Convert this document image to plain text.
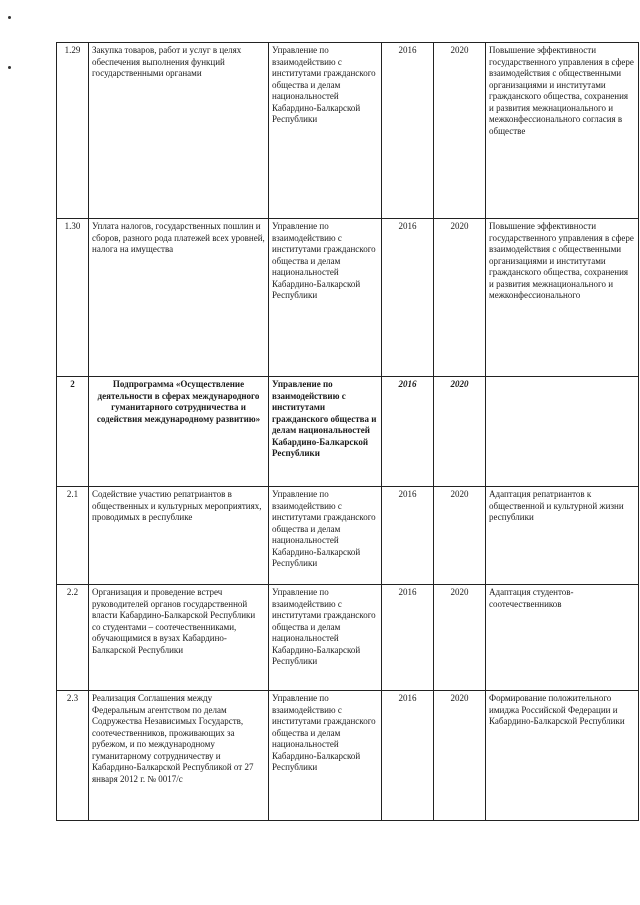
1.29	Закупка товаров, работ и услуг в целях обеспечения выполнения функций государственными органами	Управление по взаимодействию с институтами гражданского общества и делам национальностей Кабардино-Балкарской Республики	2016	2020	Повышение эффективности государственного управления в сфере взаимодействия с общественными организациями и институтами гражданского общества, сохранения и развития межнационального и межконфессионального согласия в обществе
1.30	Уплата налогов, государственных пошлин и сборов, разного рода платежей всех уровней, налога на имущества	Управление по взаимодействию с институтами гражданского общества и делам национальностей Кабардино-Балкарской Республики	2016	2020	Повышение эффективности государственного управления в сфере взаимодействия с общественными организациями и институтами гражданского общества, сохранения и развития межнационального и межконфессионального
2	Подпрограмма «Осуществление деятельности в сферах международного гуманитарного сотрудничества и содействия международному развитию»	Управление по взаимодействию с институтами гражданского общества и делам национальностей Кабардино-Балкарской Республики	2016	2020	
2.1	Содействие участию репатриантов в общественных и культурных мероприятиях, проводимых в республике	Управление по взаимодействию с институтами гражданского общества и делам национальностей Кабардино-Балкарской Республики	2016	2020	Адаптация репатриантов к общественной и культурной жизни республики
2.2	Организация и проведение встреч руководителей органов государственной власти Кабардино-Балкарской Республики со студентами – соотечественниками, обучающимися в вузах Кабардино-Балкарской Республики	Управление по взаимодействию с институтами гражданского общества и делам национальностей Кабардино-Балкарской Республики	2016	2020	Адаптация студентов-соотечественников
2.3	Реализация Соглашения между Федеральным агентством по делам Содружества Независимых Государств, соотечественников, проживающих за рубежом, и по международному гуманитарному сотрудничеству и Кабардино-Балкарской Республикой от 27 января 2012 г. № 0017/с	Управление по взаимодействию с институтами гражданского общества и делам национальностей Кабардино-Балкарской Республики	2016	2020	Формирование положительного имиджа Российской Федерации и Кабардино-Балкарской Республики
